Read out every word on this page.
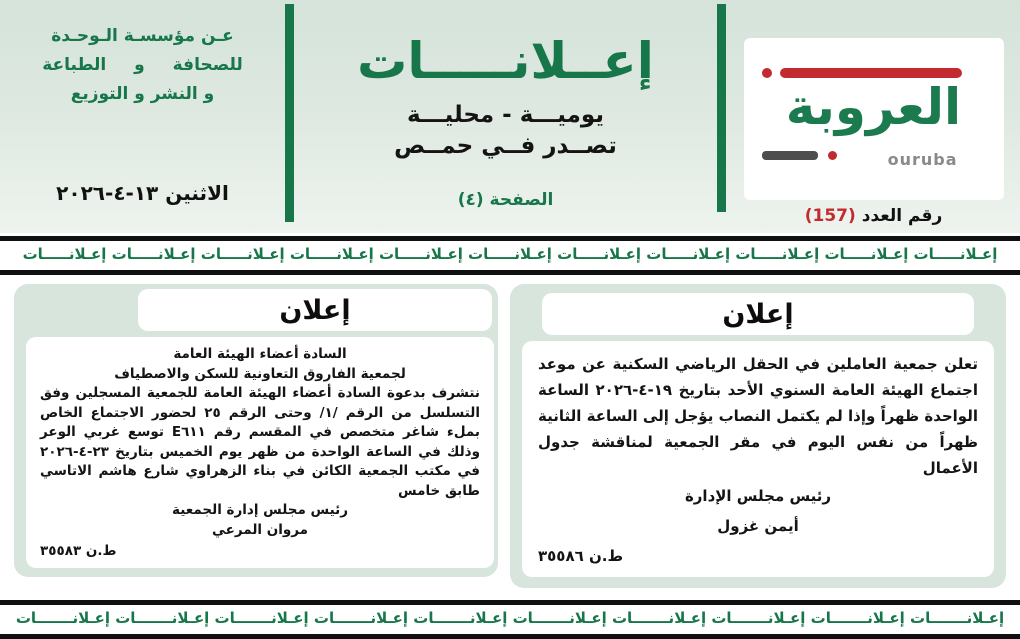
عـن مؤسسـة الـوحـدة
للصحافة و الطباعة
و النشر و التوزيع
الاثنين ١٣-٤-٢٠٢٦
إعــلانـــــات
يوميـــة - محليـــة
تصــدر فــي حمــص
الصفحة (٤)
العروبة
ouruba
رقم العدد (157)
إعـلانـــــات إعـلانـــــات إعـلانـــــات إعـلانـــــات إعـلانـــــات إعـلانـــــات إعـلانـــــات إعـلانـــــات إعـلانـــــات إعـلانـــــات إعـلانـــــات
إعلان
السادة أعضاء الهيئة العامة
لجمعية الفاروق التعاونية للسكن والاصطياف
نتشرف بدعوة السادة أعضاء الهيئة العامة للجمعية المسجلين وفق التسلسل من الرقم /١/ وحتى الرقم ٢٥ لحضور الاجتماع الخاص بملء شاغر متخصص في المقسم رقم E٦١١ توسع غربي الوعر وذلك في الساعة الواحدة من ظهر يوم الخميس بتاريخ ٢٣-٤-٢٠٢٦ في مكتب الجمعية الكائن في بناء الزهراوي شارع هاشم الاتاسي طابق خامس
رئيس مجلس إدارة الجمعية
مروان المرعي
ط.ن ٣٥٥٨٣
إعلان
تعلن جمعية العاملين في الحقل الرياضي السكنية عن موعد اجتماع الهيئة العامة السنوي الأحد بتاريخ ١٩-٤-٢٠٢٦ الساعة الواحدة ظهراً وإذا لم يكتمل النصاب يؤجل إلى الساعة الثانية ظهراً من نفس اليوم في مقر الجمعية لمناقشة جدول الأعمال
رئيس مجلس الإدارة
أيمن غزول
ط.ن ٣٥٥٨٦
إعـلانـــــــات إعـلانـــــــات إعـلانـــــــات إعـلانـــــــات إعـلانـــــــات إعـلانـــــــات إعـلانـــــــات إعـلانـــــــات إعـلانـــــــات إعـلانـــــــات
